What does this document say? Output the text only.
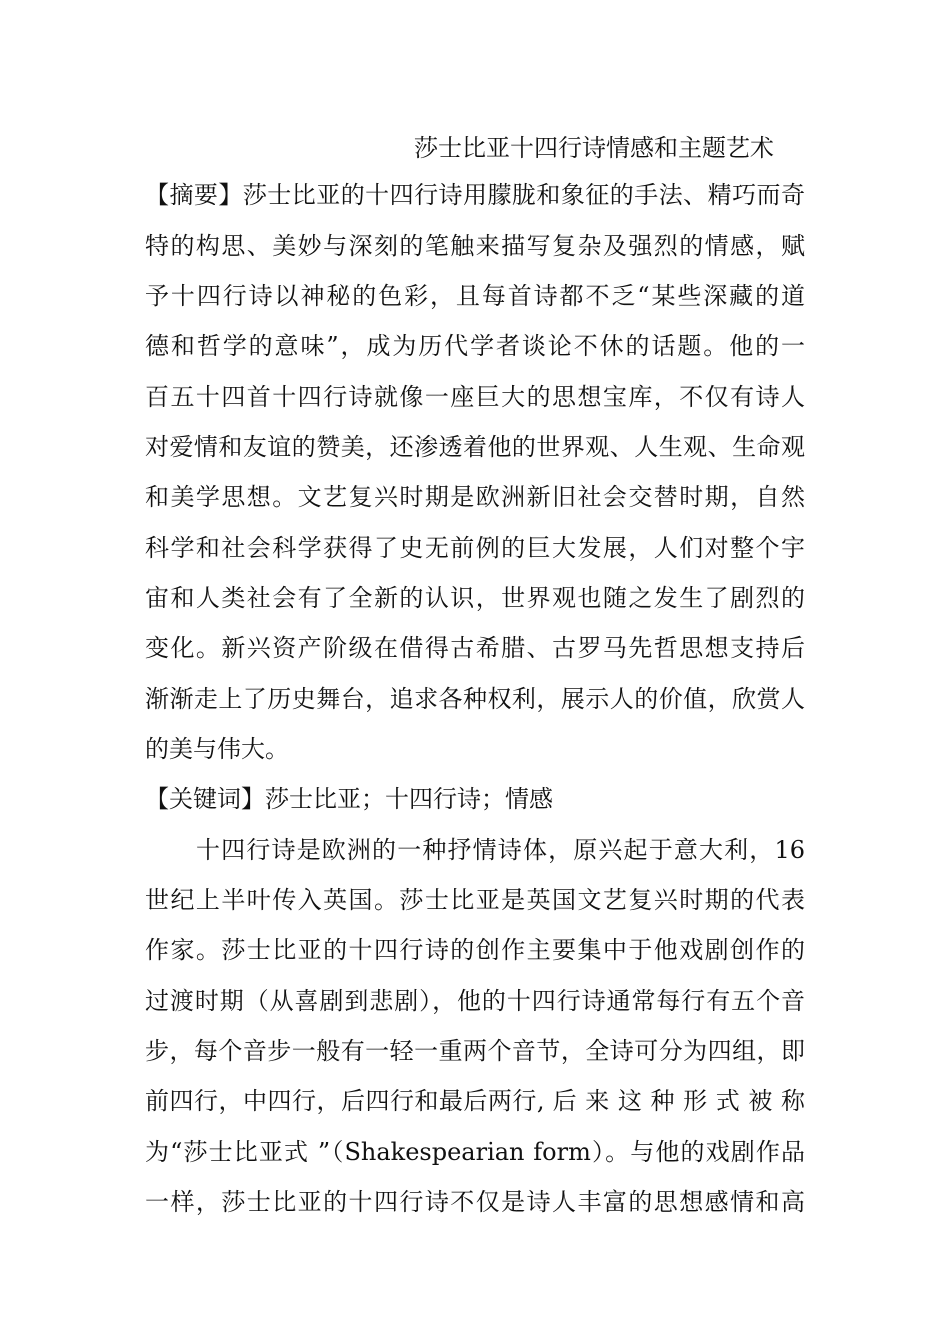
莎士比亚十四行诗情感和主题艺术
【摘要】莎士比亚的十四行诗用朦胧和象征的手法、精巧而奇
特的构思、美妙与深刻的笔触来描写复杂及强烈的情感，赋
予十四行诗以神秘的色彩，且每首诗都不乏“某些深藏的道
德和哲学的意味”，成为历代学者谈论不休的话题。他的一
百五十四首十四行诗就像一座巨大的思想宝库，不仅有诗人
对爱情和友谊的赞美，还渗透着他的世界观、人生观、生命观
和美学思想。文艺复兴时期是欧洲新旧社会交替时期，自然
科学和社会科学获得了史无前例的巨大发展，人们对整个宇
宙和人类社会有了全新的认识，世界观也随之发生了剧烈的
变化。新兴资产阶级在借得古希腊、古罗马先哲思想支持后
渐渐走上了历史舞台，追求各种权利，展示人的价值，欣赏人
的美与伟大。
【关键词】莎士比亚；十四行诗；情感
十四行诗是欧洲的一种抒情诗体，原兴起于意大利，16
世纪上半叶传入英国。莎士比亚是英国文艺复兴时期的代表
作家。莎士比亚的十四行诗的创作主要集中于他戏剧创作的
过渡时期（从喜剧到悲剧），他的十四行诗通常每行有五个音
步，每个音步一般有一轻一重两个音节，全诗可分为四组，即
前四行，中四行，后四行和最后两行, 后 来 这 种 形 式 被 称
为“莎士比亚式 ”（Shakespearian form）。与他的戏剧作品
一样，莎士比亚的十四行诗不仅是诗人丰富的思想感情和高
